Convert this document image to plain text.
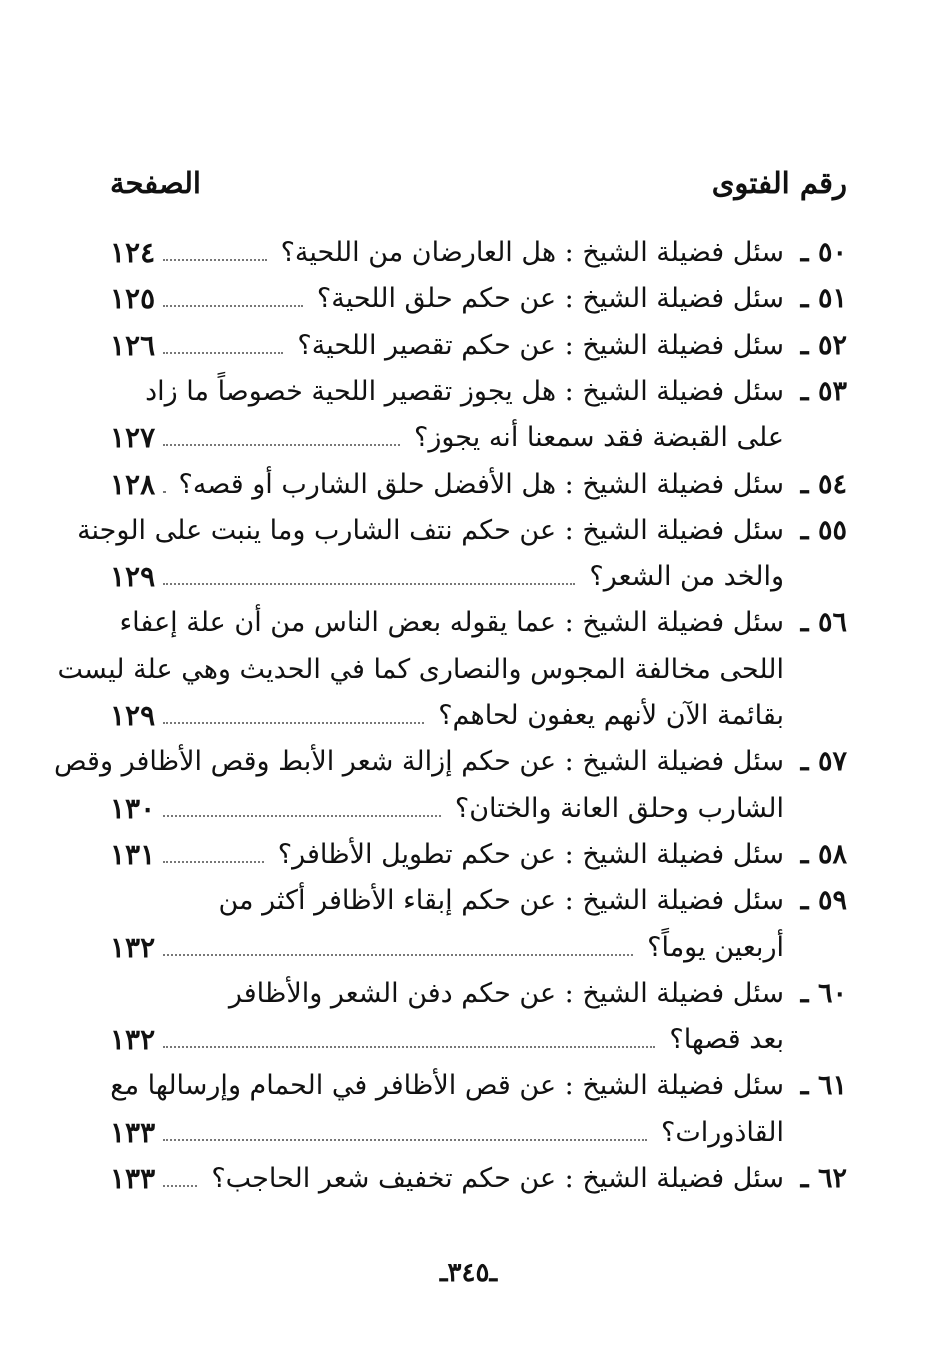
رقم الفتوى
الصفحة
٥٠ ـ
سئل فضيلة الشيخ : هل العارضان من اللحية؟
١٢٤
٥١ ـ
سئل فضيلة الشيخ : عن حكم حلق اللحية؟
١٢٥
٥٢ ـ
سئل فضيلة الشيخ : عن حكم تقصير اللحية؟
١٢٦
٥٣ ـ
سئل فضيلة الشيخ : هل يجوز تقصير اللحية خصوصاً ما زاد
على القبضة فقد سمعنا أنه يجوز؟
١٢٧
٥٤ ـ
سئل فضيلة الشيخ : هل الأفضل حلق الشارب أو قصه؟
١٢٨
٥٥ ـ
سئل فضيلة الشيخ : عن حكم نتف الشارب وما ينبت على الوجنة
والخد من الشعر؟
١٢٩
٥٦ ـ
سئل فضيلة الشيخ : عما يقوله بعض الناس من أن علة إعفاء
اللحى مخالفة المجوس والنصارى كما في الحديث وهي علة ليست
بقائمة الآن لأنهم يعفون لحاهم؟
١٢٩
٥٧ ـ
سئل فضيلة الشيخ : عن حكم إزالة شعر الأبط وقص الأظافر وقص
الشارب وحلق العانة والختان؟
١٣٠
٥٨ ـ
سئل فضيلة الشيخ : عن حكم تطويل الأظافر؟
١٣١
٥٩ ـ
سئل فضيلة الشيخ : عن حكم إبقاء الأظافر أكثر من
أربعين يوماً؟
١٣٢
٦٠ ـ
سئل فضيلة الشيخ : عن حكم دفن الشعر والأظافر
بعد قصها؟
١٣٢
٦١ ـ
سئل فضيلة الشيخ : عن قص الأظافر في الحمام وإرسالها مع
القاذورات؟
١٣٣
٦٢ ـ
سئل فضيلة الشيخ : عن حكم تخفيف شعر الحاجب؟
١٣٣
ـ٣٤٥ـ
